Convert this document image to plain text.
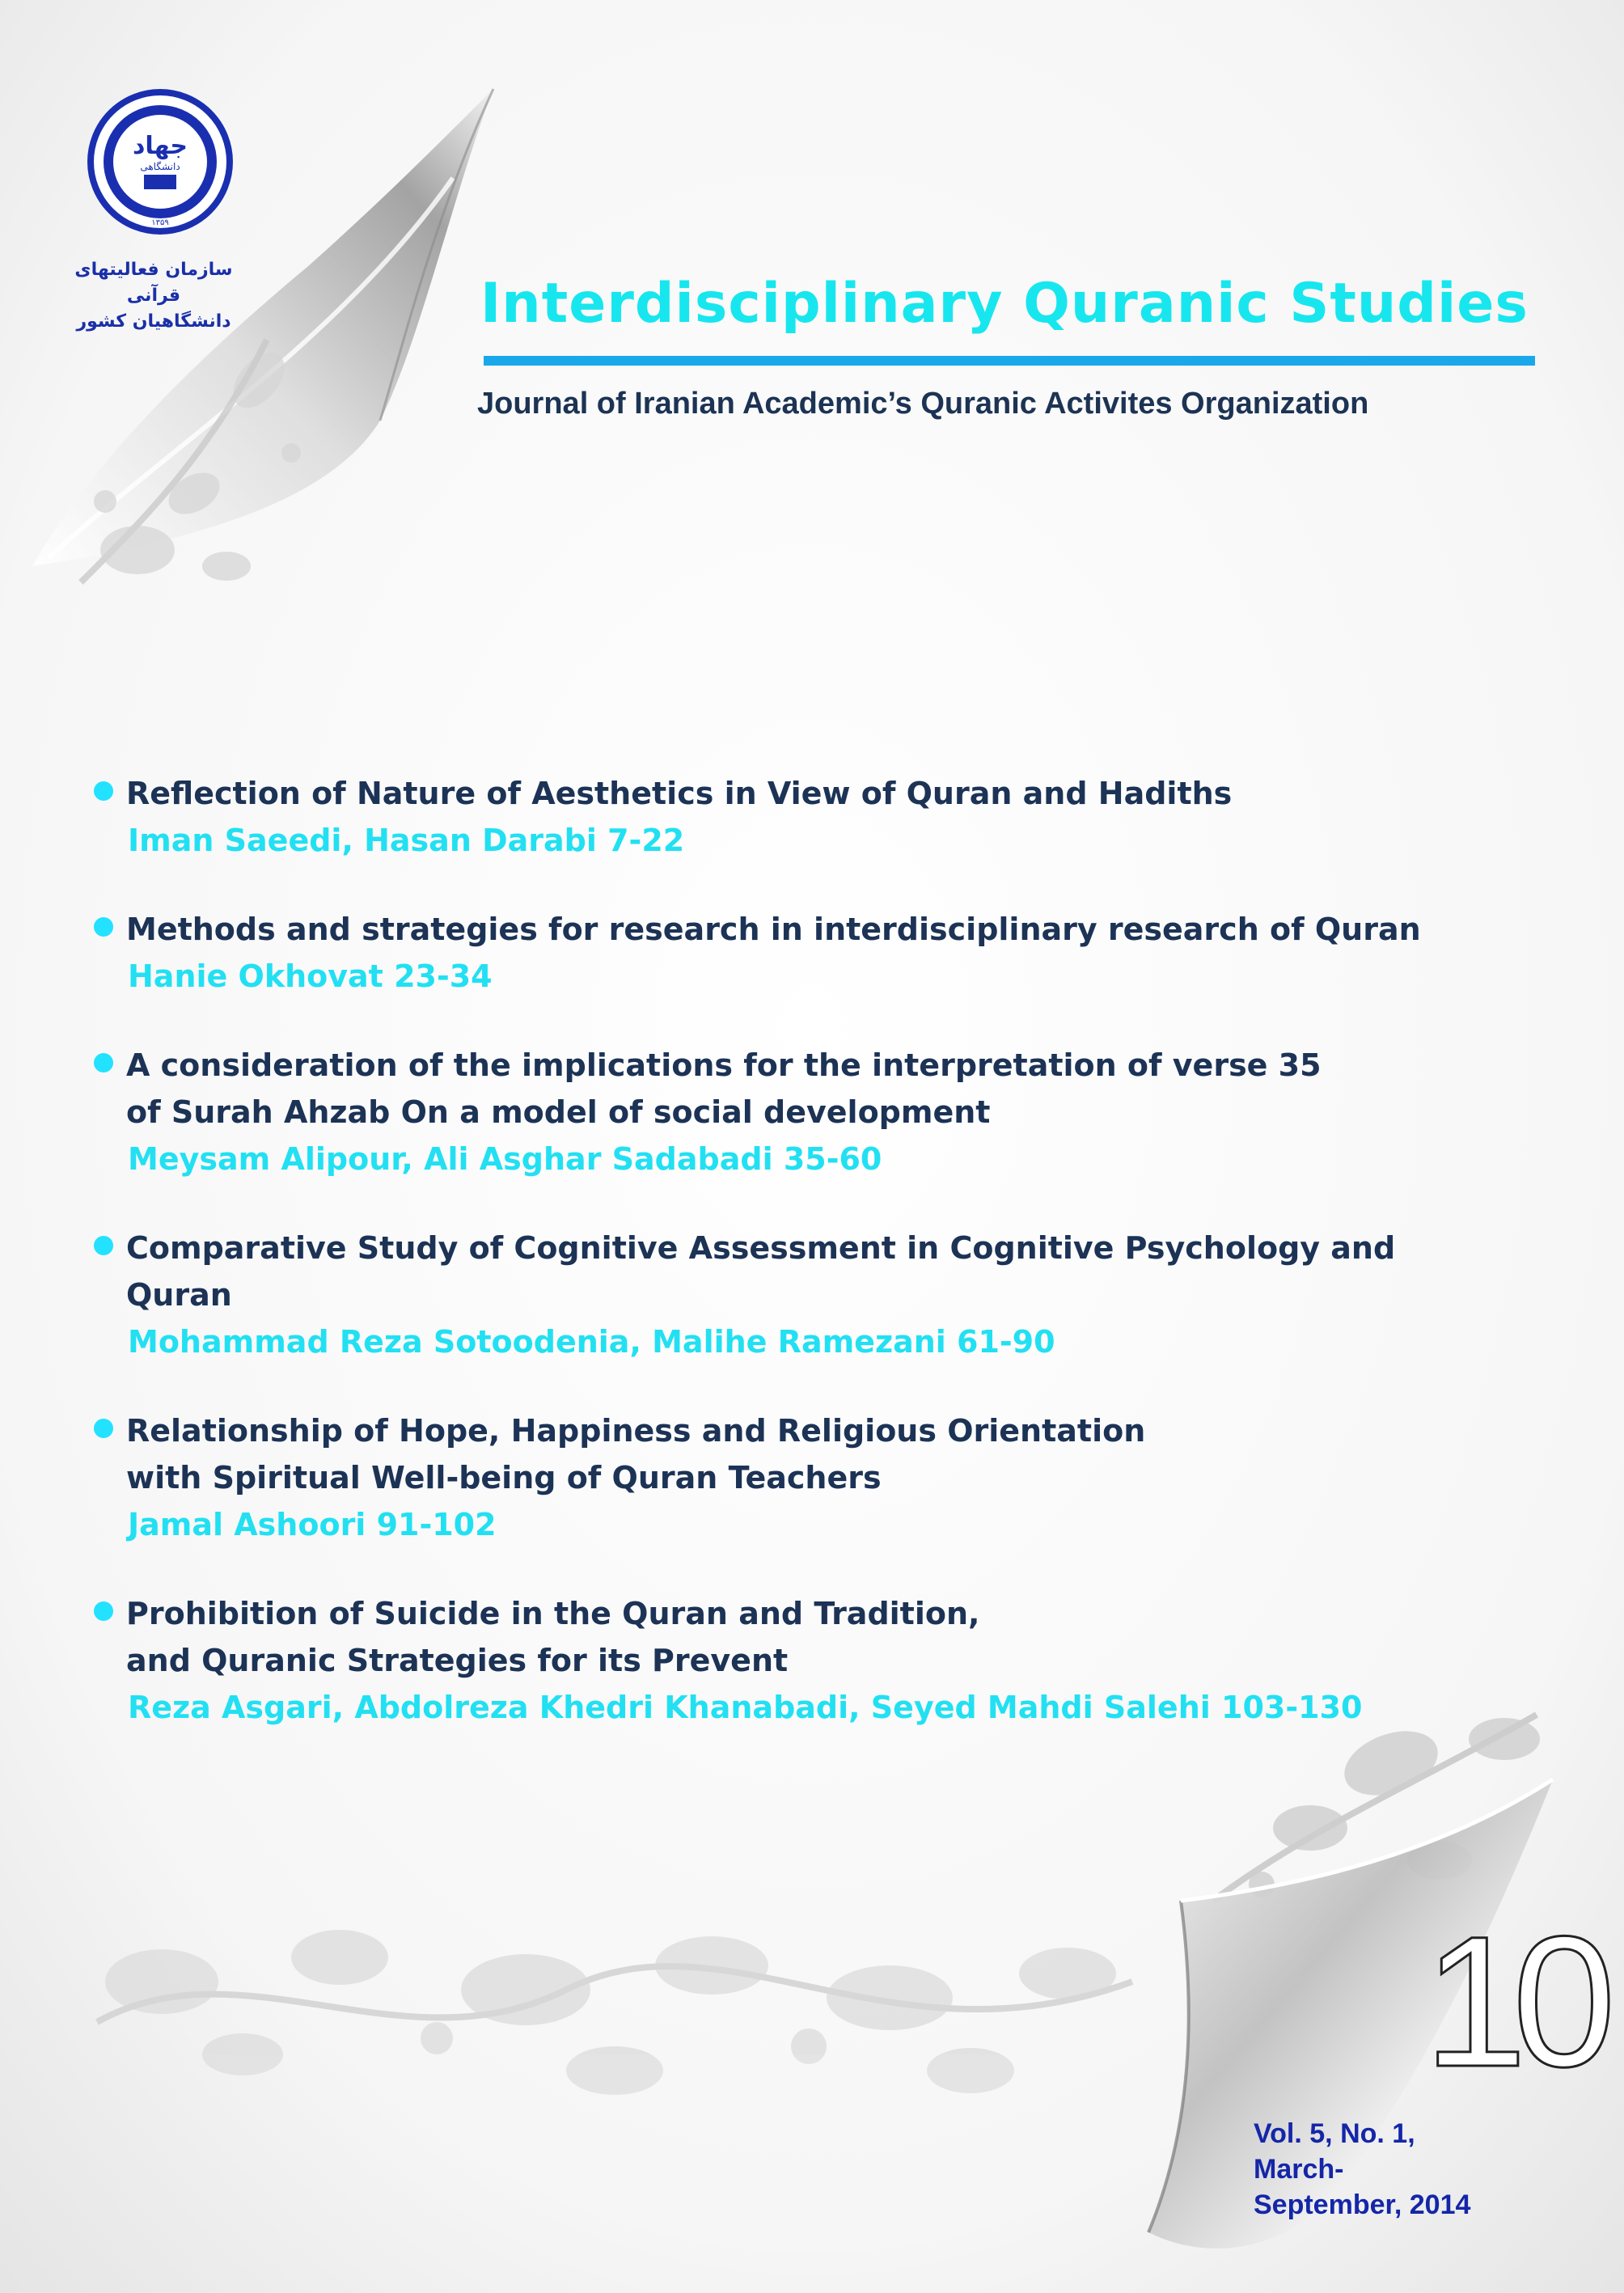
جهاد
دانشگاهی
۱۳۵۹
سازمان فعالیتهای قرآنی
دانشگاهیان کشور	Interdisciplinary Quranic Studies
Journal of Iranian Academic’s Quranic Activites Organization

Reflection of Nature of Aesthetics in View of Quran and Hadiths

Iman Saeedi, Hasan Darabi 7-22

Methods and strategies for research in interdisciplinary research of Quran

Hanie Okhovat 23-34

A consideration of the implications for the interpretation of verse 35
of Surah Ahzab On a model of social development

Meysam Alipour, Ali Asghar Sadabadi 35-60

Comparative Study of Cognitive Assessment in Cognitive Psychology and Quran

Mohammad Reza Sotoodenia, Malihe Ramezani 61-90

Relationship of Hope, Happiness and Religious Orientation
with Spiritual Well-being of Quran Teachers

Jamal Ashoori 91-102

Prohibition of Suicide in the Quran and Tradition,
and Quranic Strategies for its Prevent

Reza Asgari, Abdolreza Khedri Khanabadi, Seyed Mahdi Salehi 103-130

10
Vol. 5, No. 1,
March-
September, 2014
